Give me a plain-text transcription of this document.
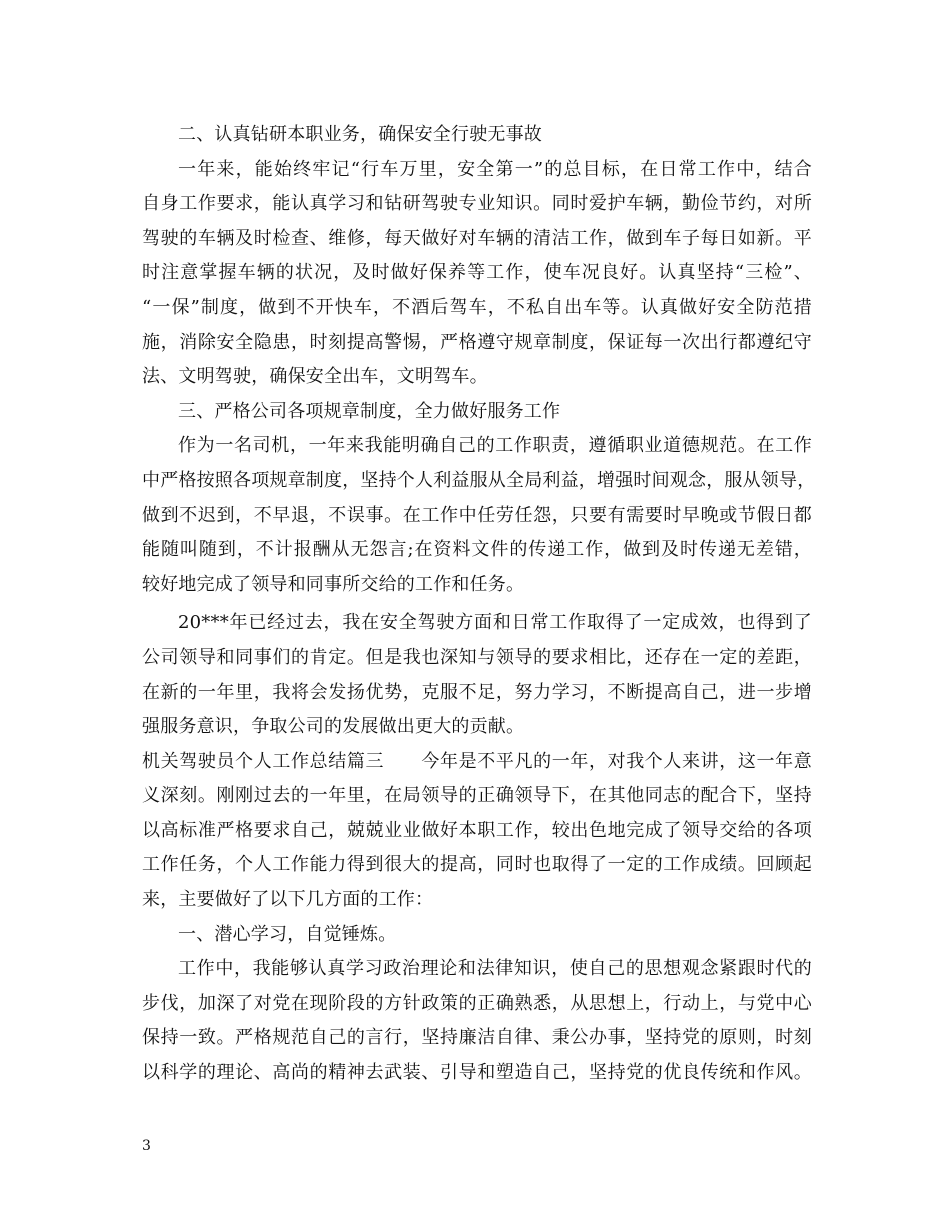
二、认真钻研本职业务，确保安全行驶无事故
一年来，能始终牢记“行车万里，安全第一”的总目标，在日常工作中，结合
自身工作要求，能认真学习和钻研驾驶专业知识。同时爱护车辆，勤俭节约，对所
驾驶的车辆及时检查、维修，每天做好对车辆的清洁工作，做到车子每日如新。平
时注意掌握车辆的状况，及时做好保养等工作，使车况良好。认真坚持“三检”、
“一保”制度，做到不开快车，不酒后驾车，不私自出车等。认真做好安全防范措
施，消除安全隐患，时刻提高警惕，严格遵守规章制度，保证每一次出行都遵纪守
法、文明驾驶，确保安全出车，文明驾车。
三、严格公司各项规章制度，全力做好服务工作
作为一名司机，一年来我能明确自己的工作职责，遵循职业道德规范。在工作
中严格按照各项规章制度，坚持个人利益服从全局利益，增强时间观念，服从领导，
做到不迟到，不早退，不误事。在工作中任劳任怨，只要有需要时早晚或节假日都
能随叫随到，不计报酬从无怨言;在资料文件的传递工作，做到及时传递无差错，
较好地完成了领导和同事所交给的工作和任务。
20***年已经过去，我在安全驾驶方面和日常工作取得了一定成效，也得到了
公司领导和同事们的肯定。但是我也深知与领导的要求相比，还存在一定的差距，
在新的一年里，我将会发扬优势，克服不足，努力学习，不断提高自己，进一步增
强服务意识，争取公司的发展做出更大的贡献。
机关驾驶员个人工作总结篇三　　今年是不平凡的一年，对我个人来讲，这一年意
义深刻。刚刚过去的一年里，在局领导的正确领导下，在其他同志的配合下，坚持
以高标准严格要求自己，兢兢业业做好本职工作，较出色地完成了领导交给的各项
工作任务，个人工作能力得到很大的提高，同时也取得了一定的工作成绩。回顾起
来，主要做好了以下几方面的工作：
一、潜心学习，自觉锤炼。
工作中，我能够认真学习政治理论和法律知识，使自己的思想观念紧跟时代的
步伐，加深了对党在现阶段的方针政策的正确熟悉，从思想上，行动上，与党中心
保持一致。严格规范自己的言行，坚持廉洁自律、秉公办事，坚持党的原则，时刻
以科学的理论、高尚的精神去武装、引导和塑造自己，坚持党的优良传统和作风。
3
